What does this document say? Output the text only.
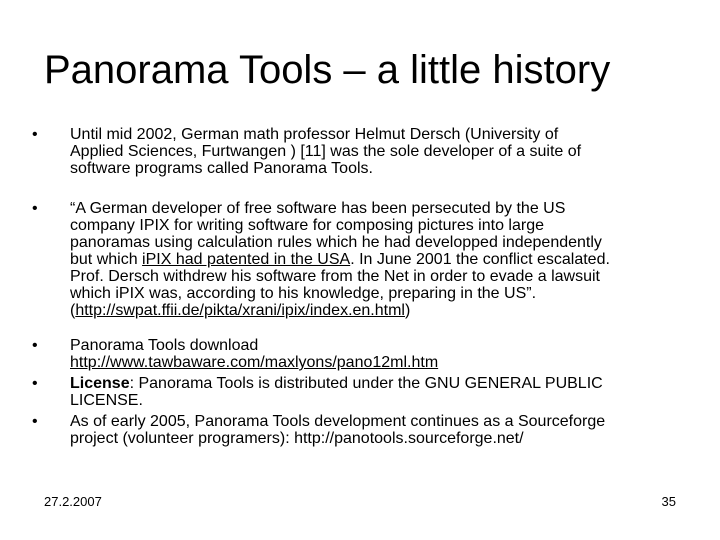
Panorama Tools – a little history
• Until mid 2002, German math professor Helmut Dersch (University of
Applied Sciences, Furtwangen ) [11] was the sole developer of a suite of
software programs called Panorama Tools.
• “A German developer of free software has been persecuted by the US
company IPIX for writing software for composing pictures into large
panoramas using calculation rules which he had developped independently
but which iPIX had patented in the USA. In June 2001 the conflict escalated.
Prof. Dersch withdrew his software from the Net in order to evade a lawsuit
which iPIX was, according to his knowledge, preparing in the US”.
(http://swpat.ffii.de/pikta/xrani/ipix/index.en.html)
• Panorama Tools download
http://www.tawbaware.com/maxlyons/pano12ml.htm
• License: Panorama Tools is distributed under the GNU GENERAL PUBLIC
LICENSE.
• As of early 2005, Panorama Tools development continues as a Sourceforge
project (volunteer programers): http://panotools.sourceforge.net/
27.2.2007	35
